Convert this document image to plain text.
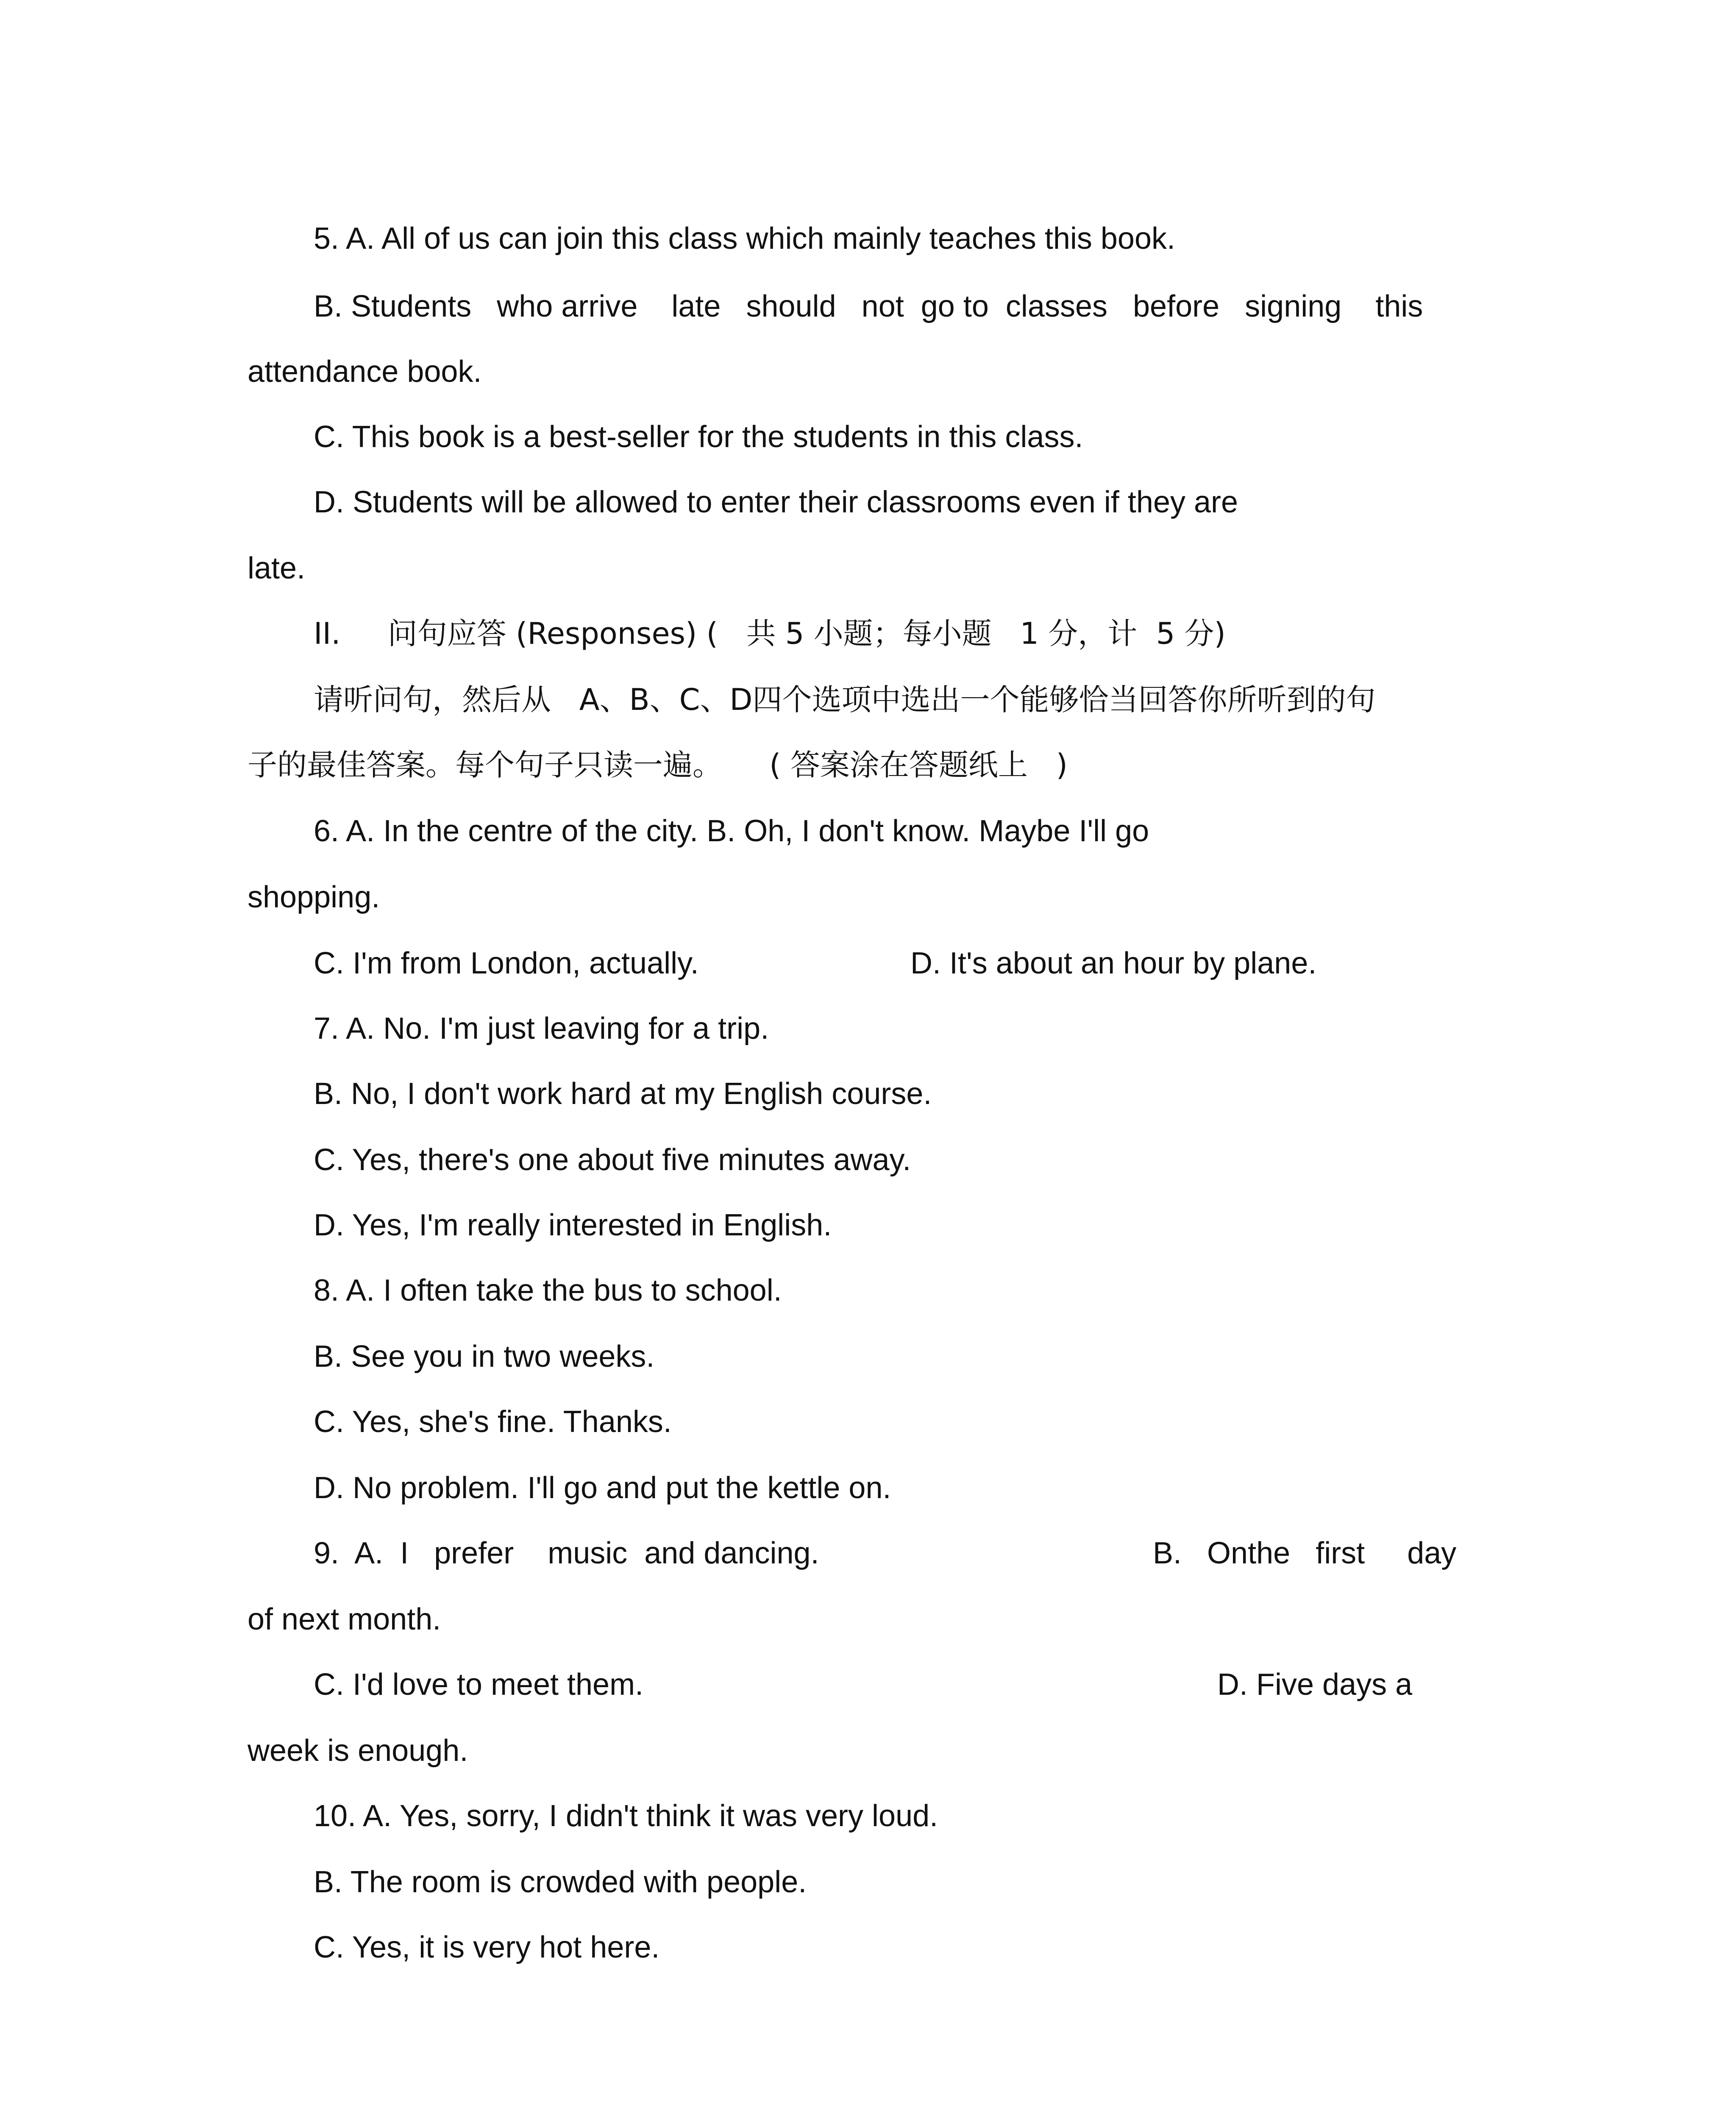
5. A. All of us can join this class which mainly teaches this book.
B. Students   who arrive    late   should   not  go to  classes   before   signing    this
attendance book.
C. This book is a best-seller for the students in this class.
D. Students will be allowed to enter their classrooms even if they are
late.
II.     问句应答 (Responses) (   共 5 小题；每小题   1 分，计  5 分)
请听问句，然后从   A、B、C、D四个选项中选出一个能够恰当回答你所听到的句
子的最佳答案。每个句子只读一遍。     ( 答案涂在答题纸上   )
6. A. In the centre of the city. B. Oh, I don't know. Maybe I'll go
shopping.
C. I'm from London, actually.	D. It's about an hour by plane.
7. A. No. I'm just leaving for a trip.
B. No, I don't work hard at my English course.
C. Yes, there's one about five minutes away.
D. Yes, I'm really interested in English.
8. A. I often take the bus to school.
B. See you in two weeks.
C. Yes, she's fine. Thanks.
D. No problem. I'll go and put the kettle on.
9.  A.  I   prefer    music  and dancing.	B.   Onthe   first     day
of next month.
C. I'd love to meet them.	D. Five days a
week is enough.
10. A. Yes, sorry, I didn't think it was very loud.
B. The room is crowded with people.
C. Yes, it is very hot here.
